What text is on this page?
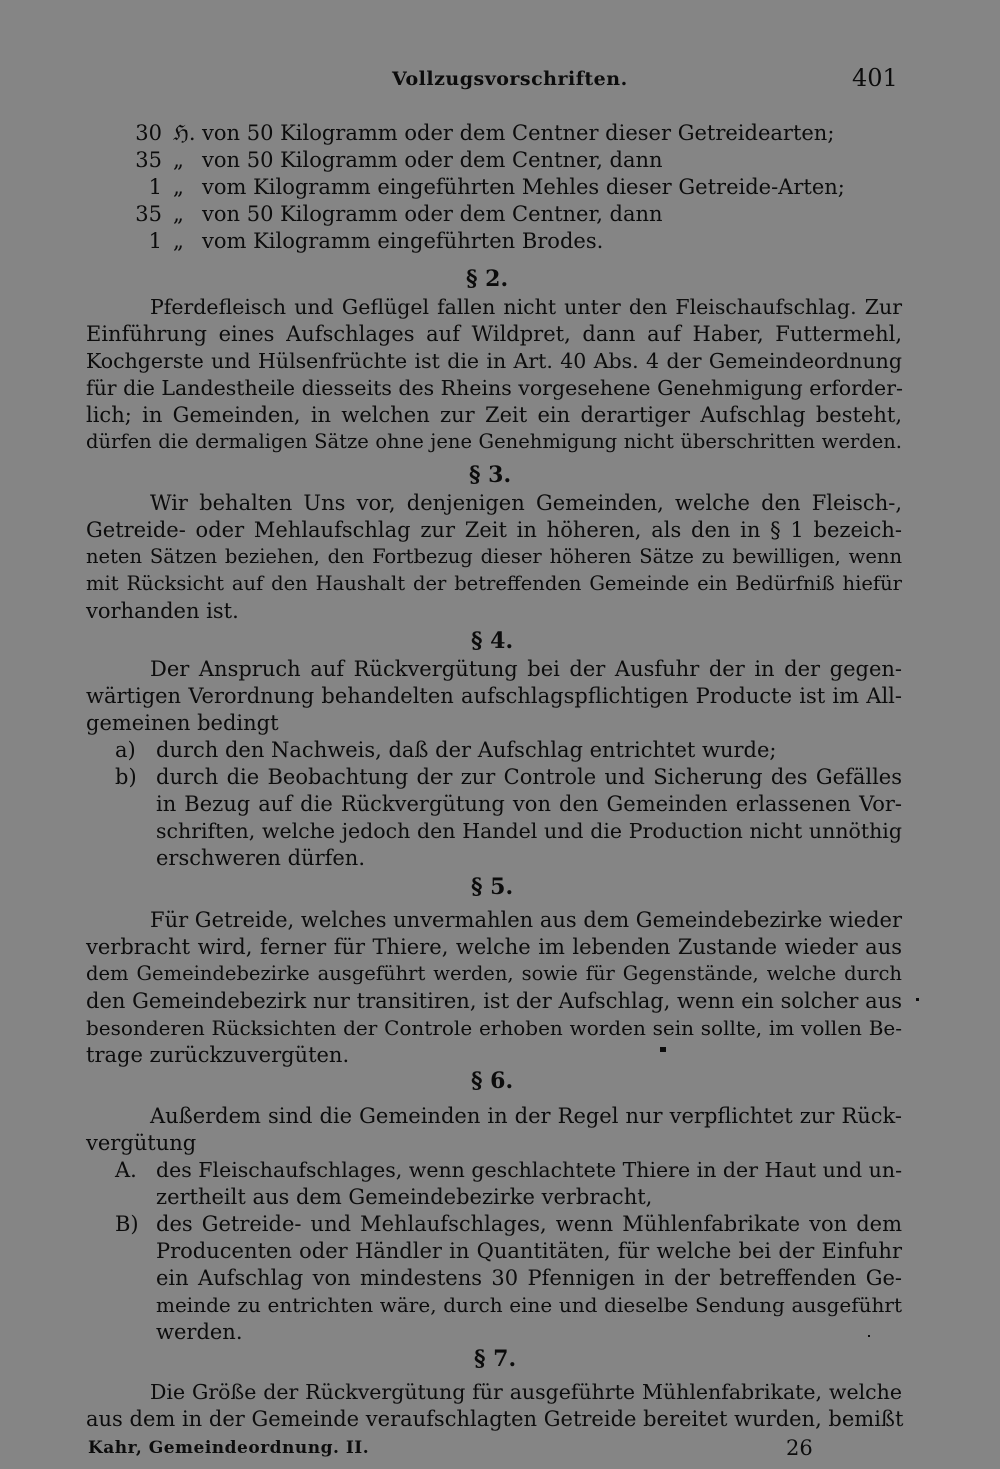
Vollzugsvorschriften.	401
30 ℌ. von 50 Kilogramm oder dem Centner dieser Getreidearten;
35 „ von 50 Kilogramm oder dem Centner, dann
1 „ vom Kilogramm eingeführten Mehles dieser Getreide-Arten;
35 „ von 50 Kilogramm oder dem Centner, dann
1 „ vom Kilogramm eingeführten Brodes.
§ 2.
Pferdefleisch und Geflügel fallen nicht unter den Fleischaufschlag. Zur
Einführung eines Aufschlages auf Wildpret, dann auf Haber, Futtermehl,
Kochgerste und Hülsenfrüchte ist die in Art. 40 Abs. 4 der Gemeindeordnung
für die Landestheile diesseits des Rheins vorgesehene Genehmigung erforder-
lich; in Gemeinden, in welchen zur Zeit ein derartiger Aufschlag besteht,
dürfen die dermaligen Sätze ohne jene Genehmigung nicht überschritten werden.
§ 3.
Wir behalten Uns vor, denjenigen Gemeinden, welche den Fleisch-,
Getreide- oder Mehlaufschlag zur Zeit in höheren, als den in § 1 bezeich-
neten Sätzen beziehen, den Fortbezug dieser höheren Sätze zu bewilligen, wenn
mit Rücksicht auf den Haushalt der betreffenden Gemeinde ein Bedürfniß hiefür
vorhanden ist.
§ 4.
Der Anspruch auf Rückvergütung bei der Ausfuhr der in der gegen-
wärtigen Verordnung behandelten aufschlagspflichtigen Producte ist im All-
gemeinen bedingt
a) durch den Nachweis, daß der Aufschlag entrichtet wurde;
b) durch die Beobachtung der zur Controle und Sicherung des Gefälles
in Bezug auf die Rückvergütung von den Gemeinden erlassenen Vor-
schriften, welche jedoch den Handel und die Production nicht unnöthig
erschweren dürfen.
§ 5.
Für Getreide, welches unvermahlen aus dem Gemeindebezirke wieder
verbracht wird, ferner für Thiere, welche im lebenden Zustande wieder aus
dem Gemeindebezirke ausgeführt werden, sowie für Gegenstände, welche durch
den Gemeindebezirk nur transitiren, ist der Aufschlag, wenn ein solcher aus
besonderen Rücksichten der Controle erhoben worden sein sollte, im vollen Be-
trage zurückzuvergüten.
§ 6.
Außerdem sind die Gemeinden in der Regel nur verpflichtet zur Rück-
vergütung
A. des Fleischaufschlages, wenn geschlachtete Thiere in der Haut und un-
zertheilt aus dem Gemeindebezirke verbracht,
B) des Getreide- und Mehlaufschlages, wenn Mühlenfabrikate von dem
Producenten oder Händler in Quantitäten, für welche bei der Einfuhr
ein Aufschlag von mindestens 30 Pfennigen in der betreffenden Ge-
meinde zu entrichten wäre, durch eine und dieselbe Sendung ausgeführt
werden.
§ 7.
Die Größe der Rückvergütung für ausgeführte Mühlenfabrikate, welche
aus dem in der Gemeinde veraufschlagten Getreide bereitet wurden, bemißt
Kahr, Gemeindeordnung. II.	26
